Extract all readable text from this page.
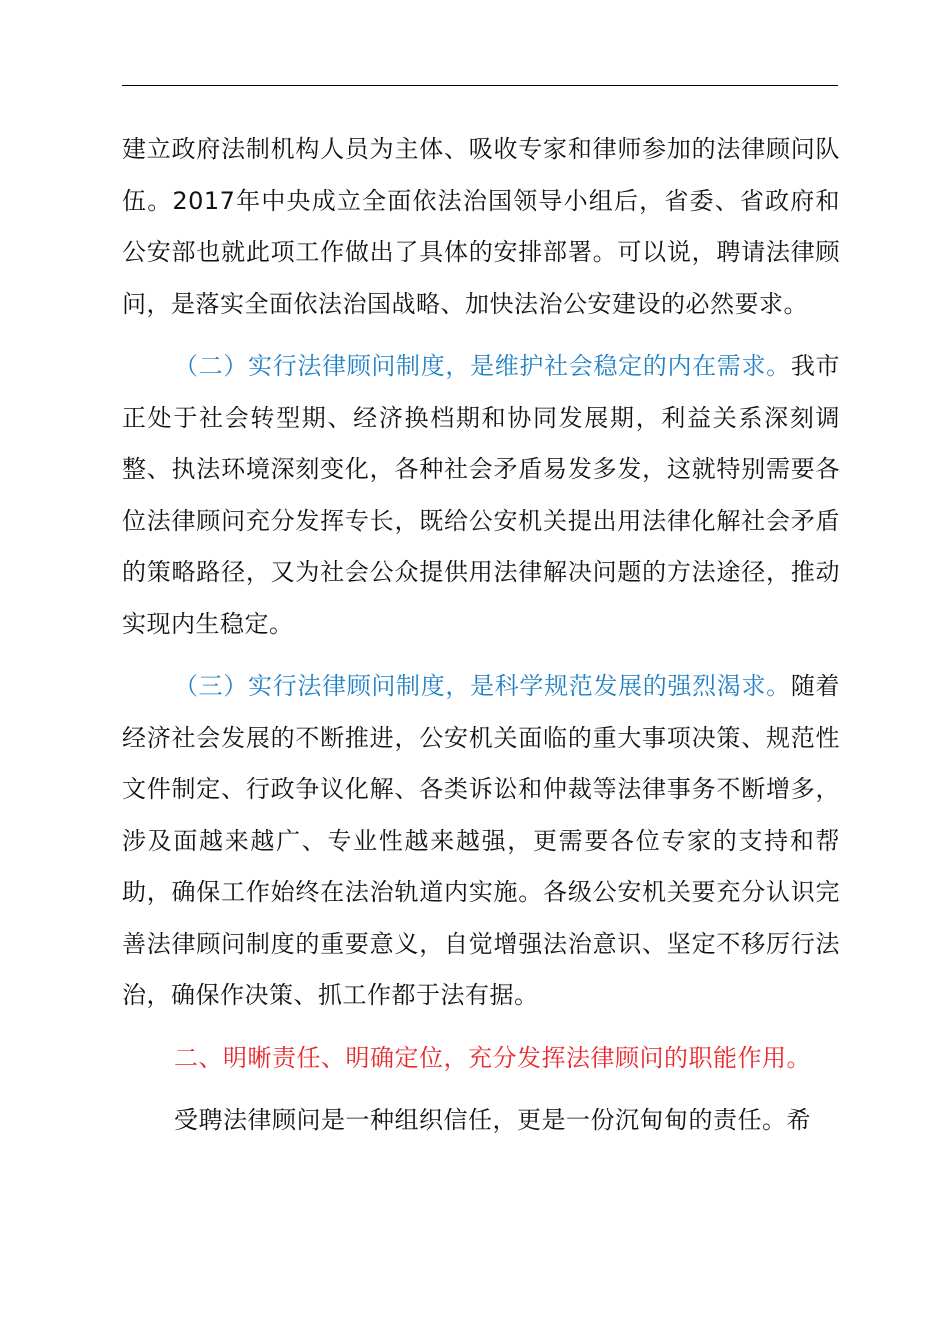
建立政府法制机构人员为主体、吸收专家和律师参加的法律顾问队伍。2017年中央成立全面依法治国领导小组后，省委、省政府和公安部也就此项工作做出了具体的安排部署。可以说，聘请法律顾问，是落实全面依法治国战略、加快法治公安建设的必然要求。

（二）实行法律顾问制度，是维护社会稳定的内在需求。我市正处于社会转型期、经济换档期和协同发展期，利益关系深刻调整、执法环境深刻变化，各种社会矛盾易发多发，这就特别需要各位法律顾问充分发挥专长，既给公安机关提出用法律化解社会矛盾的策略路径，又为社会公众提供用法律解决问题的方法途径，推动实现内生稳定。

（三）实行法律顾问制度，是科学规范发展的强烈渴求。随着经济社会发展的不断推进，公安机关面临的重大事项决策、规范性文件制定、行政争议化解、各类诉讼和仲裁等法律事务不断增多，涉及面越来越广、专业性越来越强，更需要各位专家的支持和帮助，确保工作始终在法治轨道内实施。各级公安机关要充分认识完善法律顾问制度的重要意义，自觉增强法治意识、坚定不移厉行法治，确保作决策、抓工作都于法有据。

二、明晰责任、明确定位，充分发挥法律顾问的职能作用。

受聘法律顾问是一种组织信任，更是一份沉甸甸的责任。希
